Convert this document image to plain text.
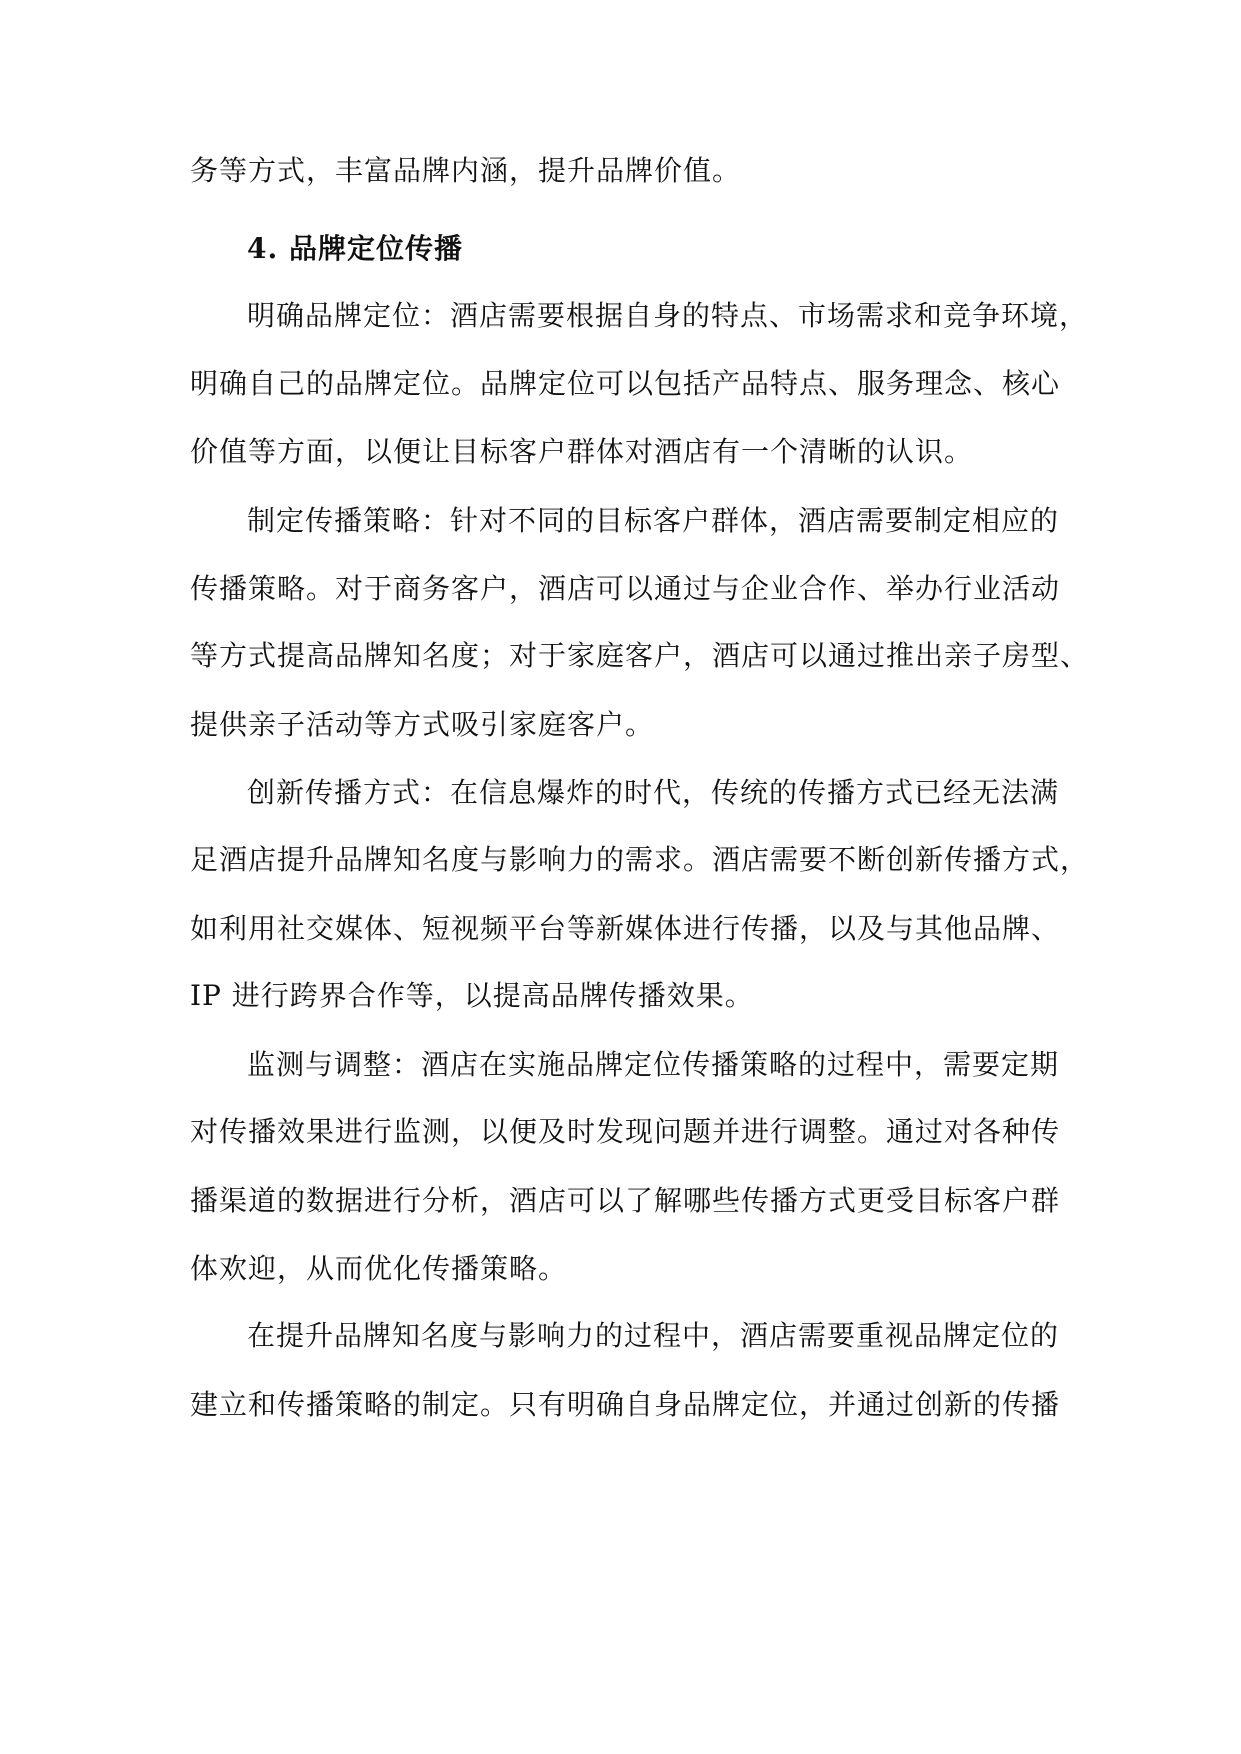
务等方式，丰富品牌内涵，提升品牌价值。
4. 品牌定位传播
明确品牌定位：酒店需要根据自身的特点、市场需求和竞争环境，
明确自己的品牌定位。品牌定位可以包括产品特点、服务理念、核心
价值等方面，以便让目标客户群体对酒店有一个清晰的认识。
制定传播策略：针对不同的目标客户群体，酒店需要制定相应的
传播策略。对于商务客户，酒店可以通过与企业合作、举办行业活动
等方式提高品牌知名度；对于家庭客户，酒店可以通过推出亲子房型、
提供亲子活动等方式吸引家庭客户。
创新传播方式：在信息爆炸的时代，传统的传播方式已经无法满
足酒店提升品牌知名度与影响力的需求。酒店需要不断创新传播方式，
如利用社交媒体、短视频平台等新媒体进行传播，以及与其他品牌、
IP 进行跨界合作等，以提高品牌传播效果。
监测与调整：酒店在实施品牌定位传播策略的过程中，需要定期
对传播效果进行监测，以便及时发现问题并进行调整。通过对各种传
播渠道的数据进行分析，酒店可以了解哪些传播方式更受目标客户群
体欢迎，从而优化传播策略。
在提升品牌知名度与影响力的过程中，酒店需要重视品牌定位的
建立和传播策略的制定。只有明确自身品牌定位，并通过创新的传播
